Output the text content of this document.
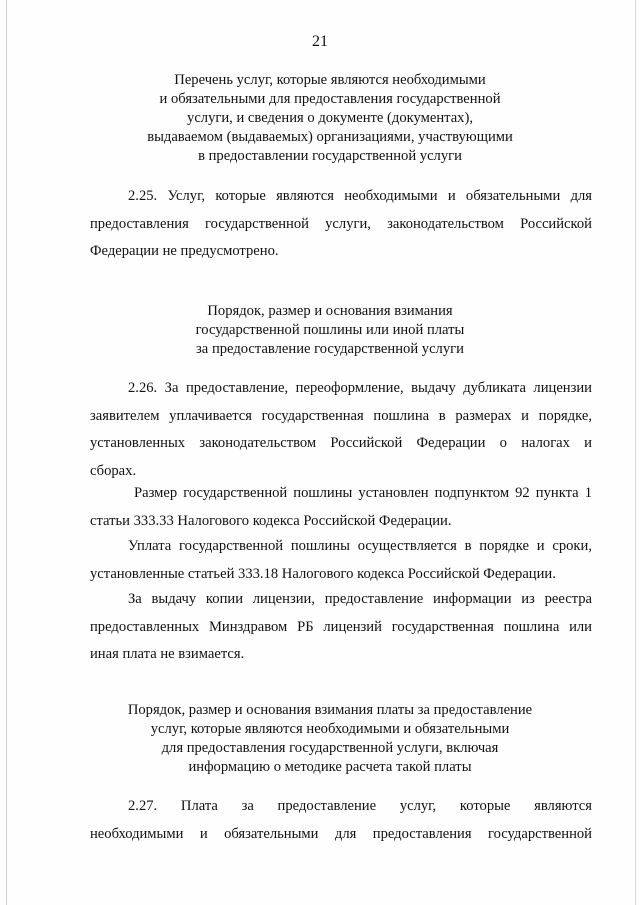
21
Перечень услуг, которые являются необходимыми
и обязательными для предоставления государственной
услуги, и сведения о документе (документах),
выдаваемом (выдаваемых) организациями, участвующими
в предоставлении государственной услуги
2.25. Услуг, которые являются необходимыми и обязательными для
предоставления государственной услуги, законодательством Российской
Федерации не предусмотрено.
Порядок, размер и основания взимания
государственной пошлины или иной платы
за предоставление государственной услуги
2.26. За предоставление, переоформление, выдачу дубликата лицензии
заявителем уплачивается государственная пошлина в размерах и порядке,
установленных законодательством Российской Федерации о налогах и
сборах.
Размер государственной пошлины установлен подпунктом 92 пункта 1
статьи 333.33 Налогового кодекса Российской Федерации.
Уплата государственной пошлины осуществляется в порядке и сроки,
установленные статьей 333.18 Налогового кодекса Российской Федерации.
За выдачу копии лицензии, предоставление информации из реестра
предоставленных Минздравом РБ лицензий государственная пошлина или
иная плата не взимается.
Порядок, размер и основания взимания платы за предоставление
услуг, которые являются необходимыми и обязательными
для предоставления государственной услуги, включая
информацию о методике расчета такой платы
2.27. Плата за предоставление услуг, которые являются
необходимыми и обязательными для предоставления государственной
